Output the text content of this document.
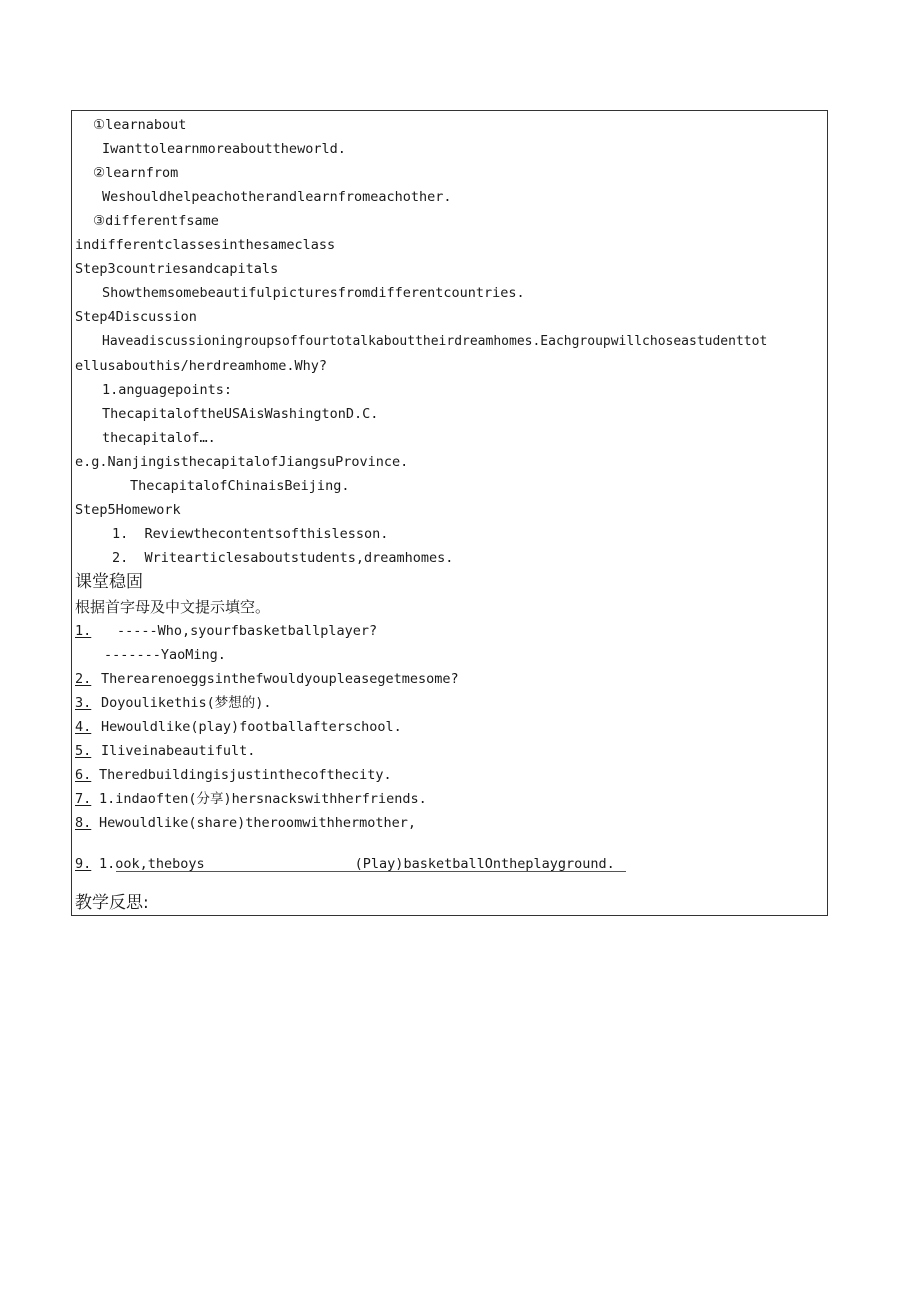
①learnabout
Iwanttolearnmoreabouttheworld.
②learnfrom
Weshouldhelpeachotherandlearnfromeachother.
③differentfsame
indifferentclassesinthesameclass
Step3countriesandcapitals
Showthemsomebeautifulpicturesfromdifferentcountries.
Step4Discussion
Haveadiscussioningroupsoffourtotalkabouttheirdreamhomes.Eachgroupwillchoseastudenttot
ellusabouthis/herdreamhome.Why?
1.anguagepoints:
ThecapitaloftheUSAisWashingtonD.C.
thecapitalof….
e.g.NanjingisthecapitalofJiangsuProvince.
ThecapitalofChinaisBeijing.
Step5Homework
1. Reviewthecontentsofthislesson.
2. Writearticlesaboutstudents,dreamhomes.
课堂稳固
根据首字母及中文提示填空。
1. -----Who,syourfbasketballplayer?
-------YaoMing.
2. Therearenoeggsinthefwouldyoupleasegetmesome?
3. Doyoulikethis(梦想的).
4. Hewouldlike(play)footballafterschool.
5. Iliveinabeautifult.
6. Theredbuildingisjustinthecofthecity.
7. 1.indaoften(分享)hersnackswithherfriends.
8. Hewouldlike(share)theroomwithhermother,
9. 1.ook,theboys	(Play)basketballOntheplayground.
教学反思:
